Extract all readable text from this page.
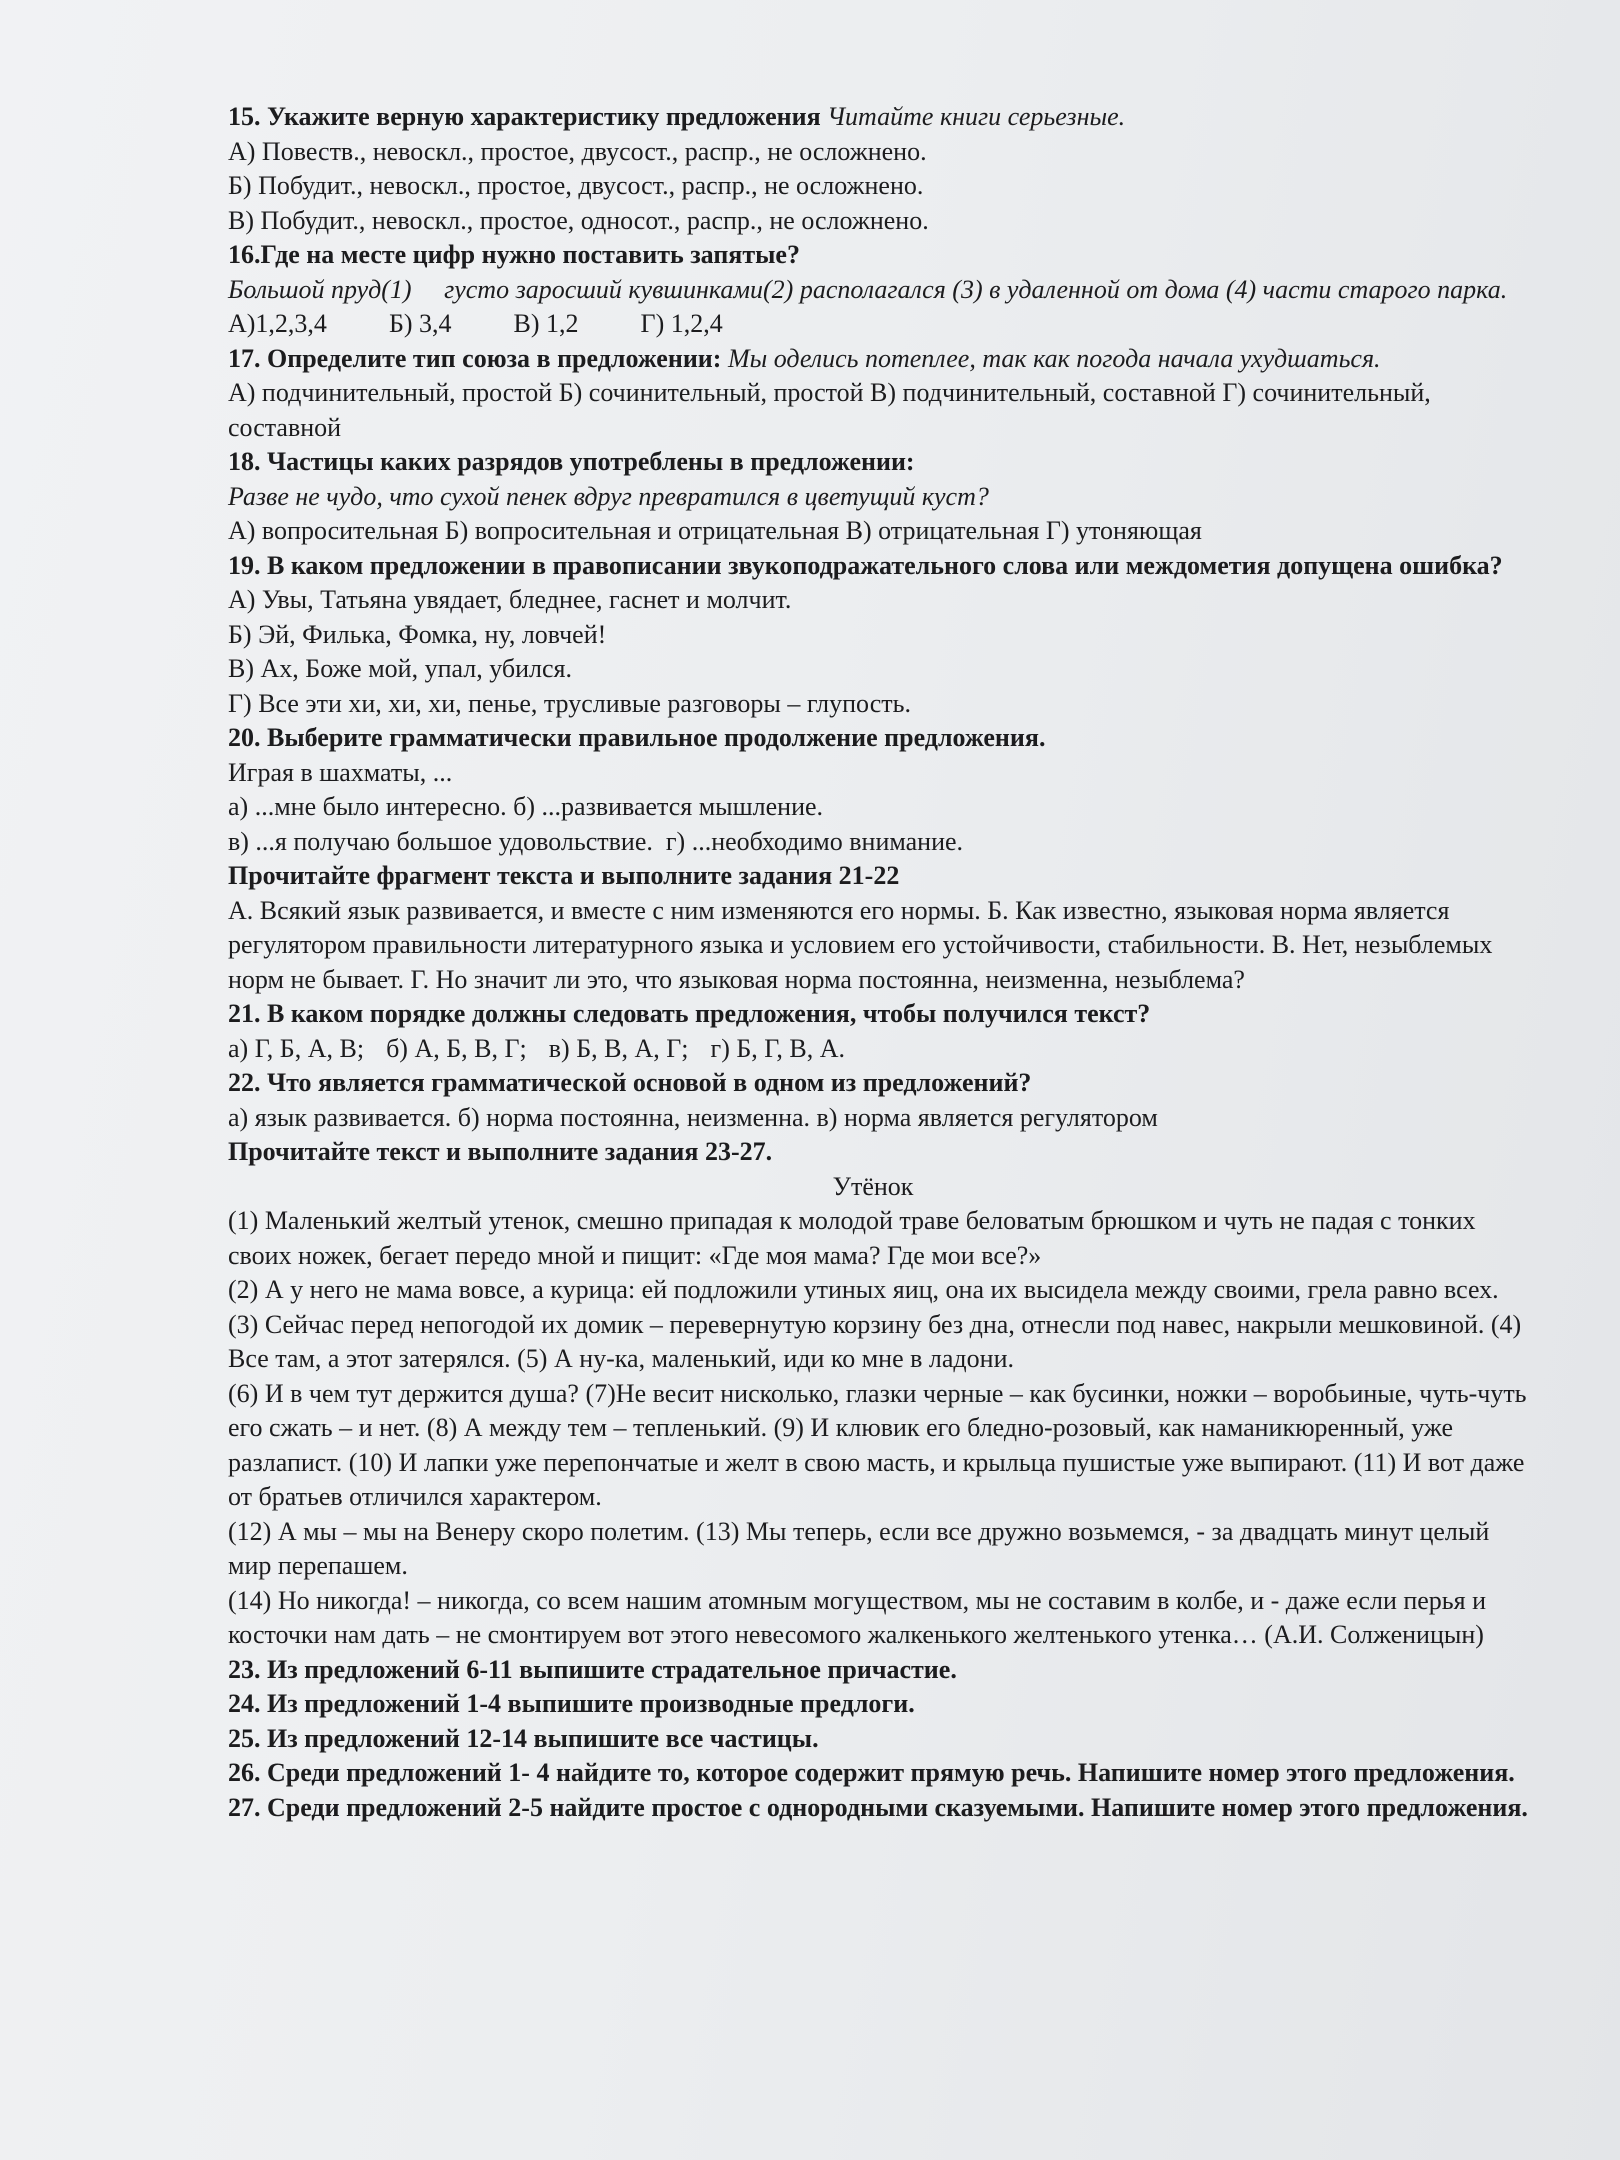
15. Укажите верную характеристику предложения Читайте книги серьезные.
А) Повеств., невоскл., простое, двусост., распр., не осложнено.
Б) Побудит., невоскл., простое, двусост., распр., не осложнено.
В) Побудит., невоскл., простое, односот., распр., не осложнено.
16.Где на месте цифр нужно поставить запятые?
Большой пруд(1)     густо заросший кувшинками(2) располагался (3) в удаленной от дома (4) части старого парка.
А)1,2,3,4 Б) 3,4 В) 1,2 Г) 1,2,4
17. Определите тип союза в предложении: Мы оделись потеплее, так как погода начала ухудшаться.
А) подчинительный, простой Б) сочинительный, простой В) подчинительный, составной Г) сочинительный, составной
18. Частицы каких разрядов употреблены в предложении:
Разве не чудо, что сухой пенек вдруг превратился в цветущий куст?
А) вопросительная Б) вопросительная и отрицательная В) отрицательная Г) утоняющая
19. В каком предложении в правописании звукоподражательного слова или междометия допущена ошибка?
А) Увы, Татьяна увядает, бледнее, гаснет и молчит.
Б) Эй, Филька, Фомка, ну, ловчей!
В) Ах, Боже мой, упал, убился.
Г) Все эти хи, хи, хи, пенье, трусливые разговоры – глупость.
20. Выберите грамматически правильное продолжение предложения.
Играя в шахматы, ...
а) ...мне было интересно. б) ...развивается мышление.
в) ...я получаю большое удовольствие.  г) ...необходимо внимание.
Прочитайте фрагмент текста и выполните задания 21-22
А. Всякий язык развивается, и вместе с ним изменяются его нормы. Б. Как известно, языковая норма является регулятором правильности литературного языка и условием его устойчивости, стабильности. В. Нет, незыблемых норм не бывает. Г. Но значит ли это, что языковая норма постоянна, неизменна, незыблема?
21. В каком порядке должны следовать предложения, чтобы получился текст?
а) Г, Б, А, В; б) А, Б, В, Г; в) Б, В, А, Г; г) Б, Г, В, А.
22. Что является грамматической основой в одном из предложений?
а) язык развивается. б) норма постоянна, неизменна. в) норма является регулятором
Прочитайте текст и выполните задания 23-27.
Утёнок

(1) Маленький желтый утенок, смешно припадая к молодой траве беловатым брюшком и чуть не падая с тонких своих ножек, бегает передо мной и пищит: «Где моя мама? Где мои все?»

(2) А у него не мама вовсе, а курица: ей подложили утиных яиц, она их высидела между своими, грела равно всех. (3) Сейчас перед непогодой их домик – перевернутую корзину без дна, отнесли под навес, накрыли мешковиной. (4) Все там, а этот затерялся. (5) А ну-ка, маленький, иди ко мне в ладони.

(6) И в чем тут держится душа? (7)Не весит нисколько, глазки черные – как бусинки, ножки – воробьиные, чуть-чуть его сжать – и нет. (8) А между тем – тепленький. (9) И клювик его бледно-розовый, как наманикюренный, уже разлапист. (10) И лапки уже перепончатые и желт в свою масть, и крыльца пушистые уже выпирают. (11) И вот даже от братьев отличился характером.

(12) А мы – мы на Венеру скоро полетим. (13) Мы теперь, если все дружно возьмемся, - за двадцать минут целый мир перепашем.

(14) Но никогда! – никогда, со всем нашим атомным могуществом, мы не составим в колбе, и - даже если перья и косточки нам дать – не смонтируем вот этого невесомого жалкенького желтенького утенка… (А.И. Солженицын)

23. Из предложений 6-11 выпишите страдательное причастие.
24. Из предложений 1-4 выпишите производные предлоги.
25. Из предложений 12-14 выпишите все частицы.
26. Среди предложений 1- 4 найдите то, которое содержит прямую речь. Напишите номер этого предложения.
27. Среди предложений 2-5 найдите простое с однородными сказуемыми. Напишите номер этого предложения.
